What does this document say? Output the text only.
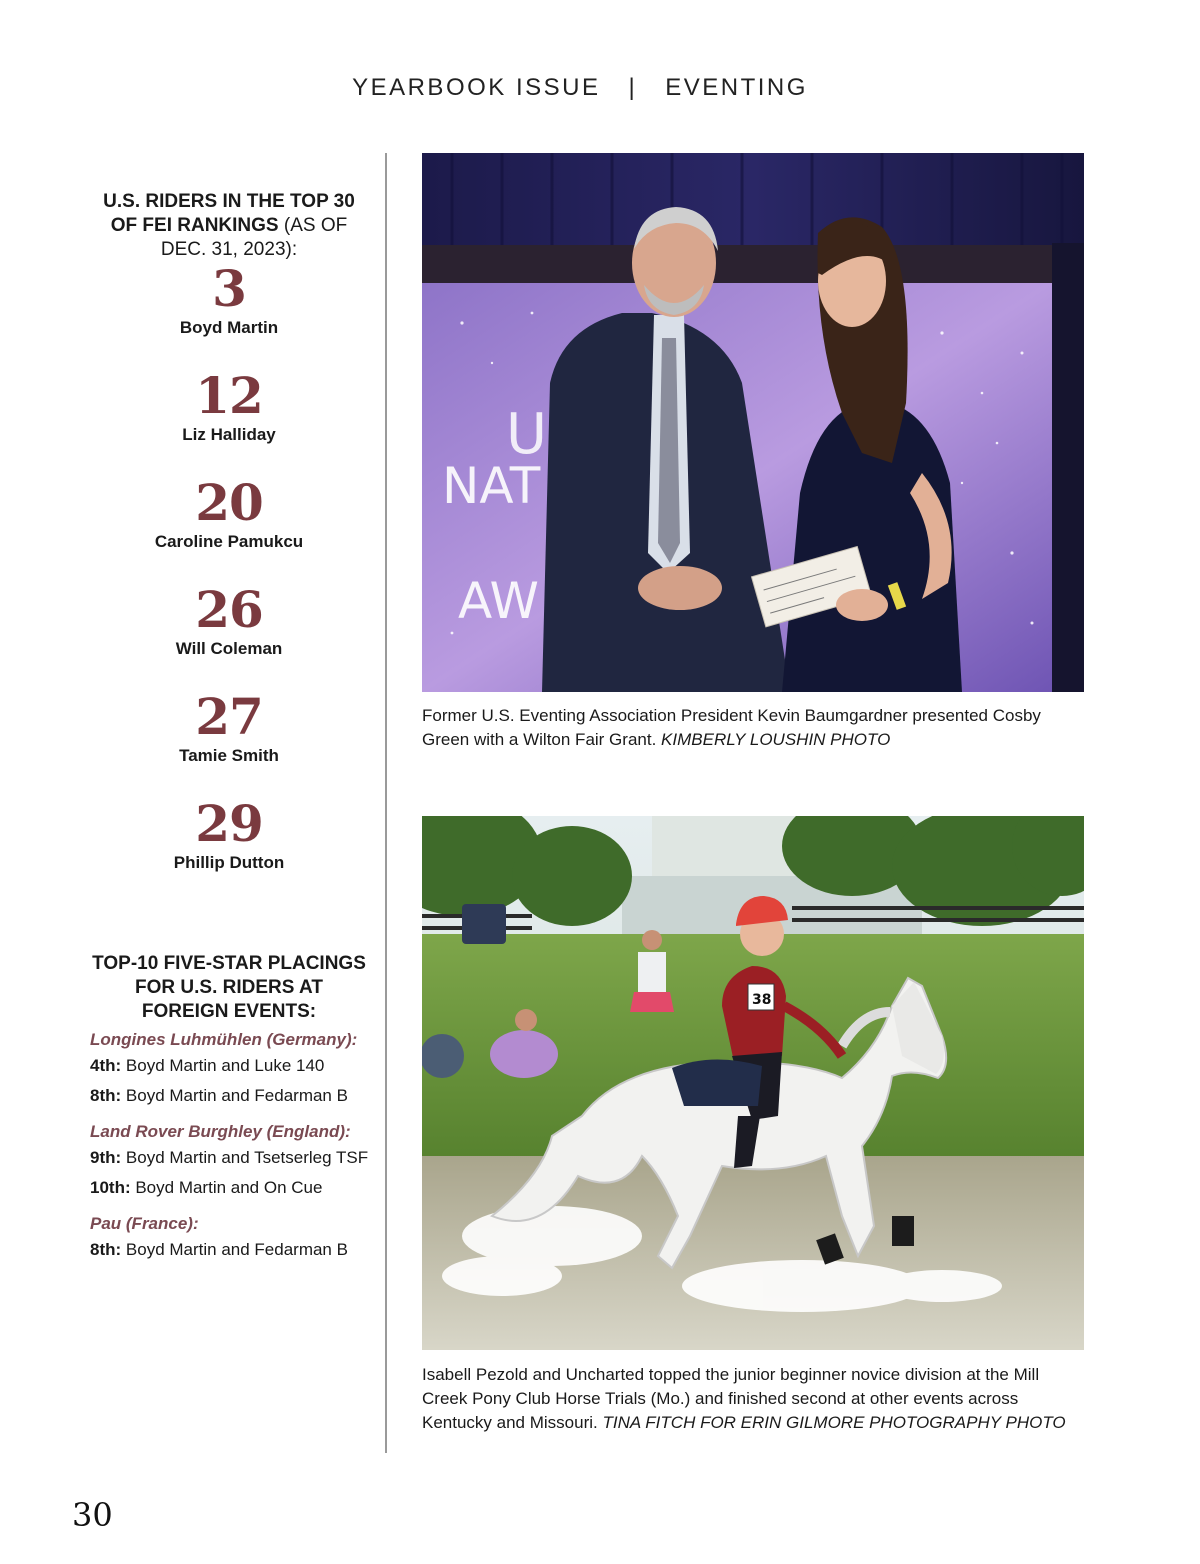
YEARBOOK ISSUE | EVENTING
U.S. RIDERS IN THE TOP 30 OF FEI RANKINGS (AS OF DEC. 31, 2023):
3
Boyd Martin
12
Liz Halliday
20
Caroline Pamukcu
26
Will Coleman
27
Tamie Smith
29
Phillip Dutton
TOP-10 FIVE-STAR PLACINGS FOR U.S. RIDERS AT FOREIGN EVENTS:
Longines Luhmühlen (Germany):
4th: Boyd Martin and Luke 140
8th: Boyd Martin and Fedarman B
Land Rover Burghley (England):
9th: Boyd Martin and Tsetserleg TSF
10th: Boyd Martin and On Cue
Pau (France):
8th: Boyd Martin and Fedarman B
U
NAT
AW
Former U.S. Eventing Association President Kevin Baumgardner presented Cosby Green with a Wilton Fair Grant. KIMBERLY LOUSHIN PHOTO
38
Isabell Pezold and Uncharted topped the junior beginner novice division at the Mill Creek Pony Club Horse Trials (Mo.) and finished second at other events across Kentucky and Missouri. TINA FITCH FOR ERIN GILMORE PHOTOGRAPHY PHOTO
30
